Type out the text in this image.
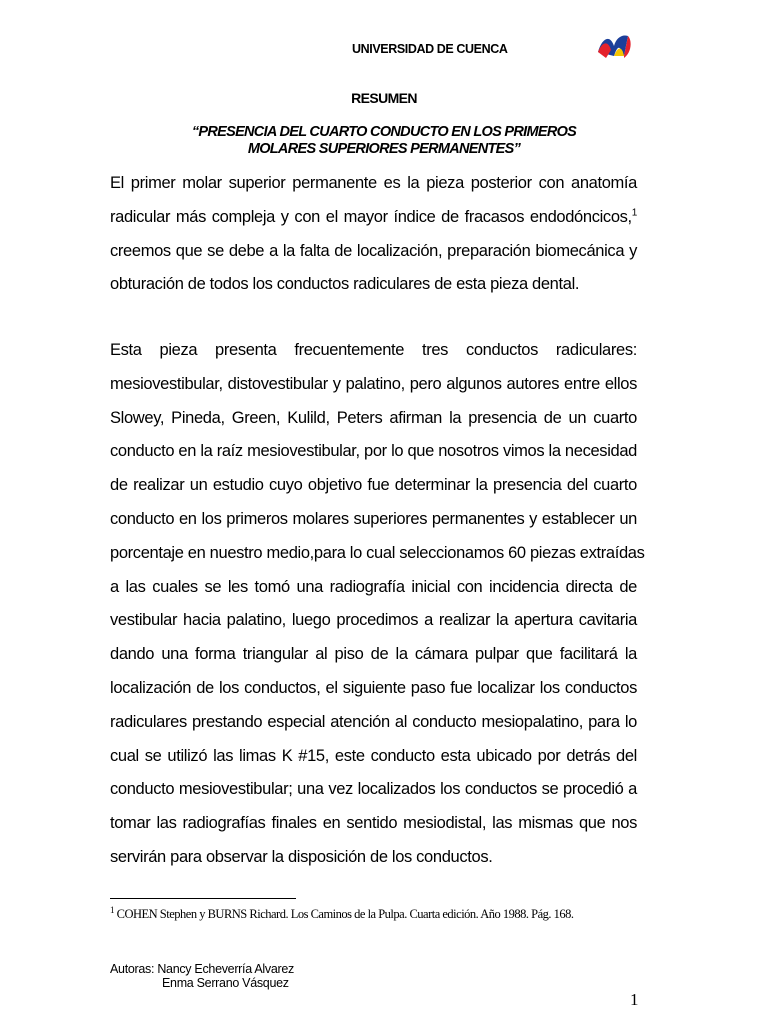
UNIVERSIDAD DE CUENCA
RESUMEN
“PRESENCIA DEL CUARTO CONDUCTO EN LOS PRIMEROS
MOLARES SUPERIORES PERMANENTES”
El primer molar superior permanente es la pieza posterior con anatomía
radicular más compleja y con el mayor índice de fracasos endodóncicos,$^1$
creemos que se debe a la falta de localización, preparación biomecánica y
obturación de todos los conductos radiculares de esta pieza dental.
Esta pieza presenta frecuentemente tres conductos radiculares:
mesiovestibular, distovestibular y palatino, pero algunos autores entre ellos
Slowey, Pineda, Green, Kulild, Peters afirman la presencia de un cuarto
conducto en la raíz mesiovestibular, por lo que nosotros vimos la necesidad
de realizar un estudio cuyo objetivo fue determinar la presencia del cuarto
conducto en los primeros molares superiores permanentes y establecer un
porcentaje en nuestro medio,para lo cual seleccionamos 60 piezas extraídas
a las cuales se les tomó una radiografía inicial con incidencia directa de
vestibular hacia palatino, luego procedimos a realizar la apertura cavitaria
dando una forma triangular al piso de la cámara pulpar que facilitará la
localización de los conductos, el siguiente paso fue localizar los conductos
radiculares prestando especial atención al conducto mesiopalatino, para lo
cual se utilizó las limas K #15, este conducto esta ubicado por detrás del
conducto mesiovestibular; una vez localizados los conductos se procedió a
tomar las radiografías finales en sentido mesiodistal, las mismas que nos
servirán para observar la disposición de los conductos.
$^1$ COHEN Stephen y BURNS Richard. Los Caminos de la Pulpa. Cuarta edición. Año 1988. Pág. 168.
Autoras: Nancy Echeverría Alvarez
Enma Serrano Vásquez
1
